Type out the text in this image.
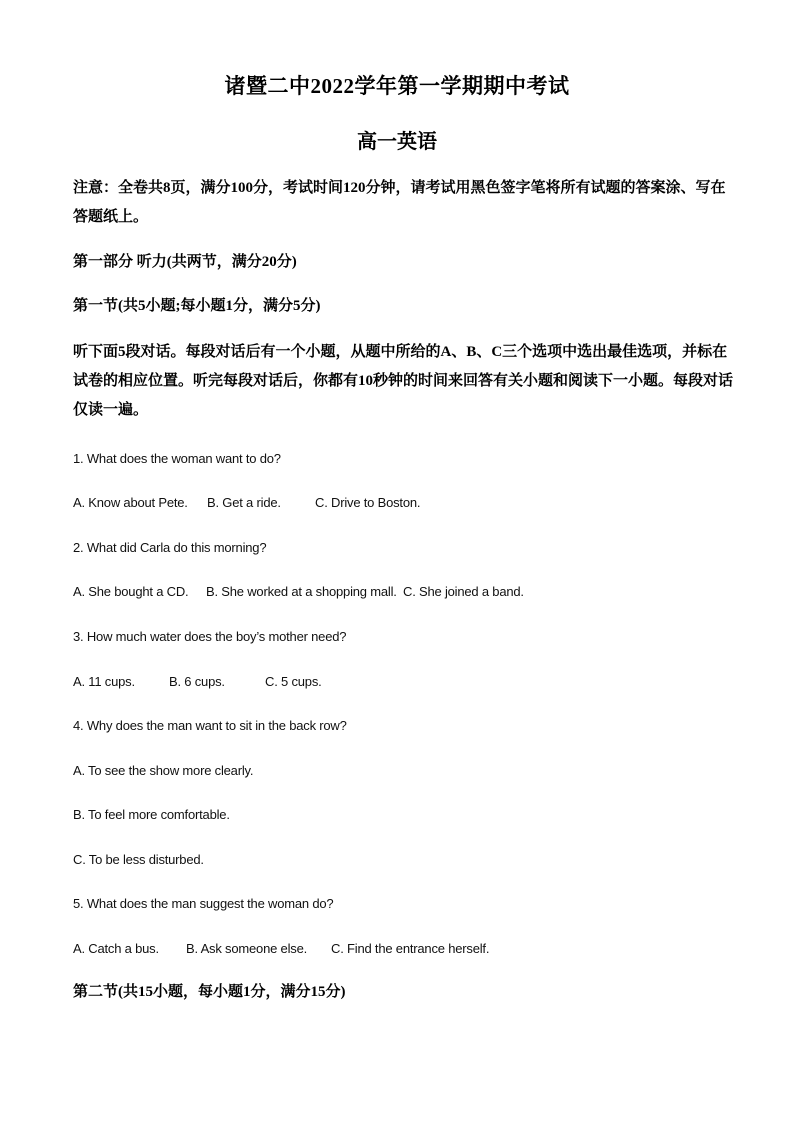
诸暨二中2022学年第一学期期中考试
高一英语
注意：全卷共8页，满分100分，考试时间120分钟，请考试用黑色签字笔将所有试题的答案涂、写在答题纸上。
第一部分 听力(共两节，满分20分)
第一节(共5小题;每小题1分，满分5分)
听下面5段对话。每段对话后有一个小题，从题中所给的A、B、C三个选项中选出最佳选项，并标在试卷的相应位置。听完每段对话后，你都有10秒钟的时间来回答有关小题和阅读下一小题。每段对话仅读一遍。
1. What does the woman want to do?
A. Know about Pete. B. Get a ride.	C. Drive to Boston.
2. What did Carla do this morning?
A. She bought a CD. B. She worked at a shopping mall. C. She joined a band.
3. How much water does the boy’s mother need?
A. 11 cups.	B. 6 cups.	C. 5 cups.
4. Why does the man want to sit in the back row?
A. To see the show more clearly.
B. To feel more comfortable.
C. To be less disturbed.
5. What does the man suggest the woman do?
A. Catch a bus. B. Ask someone else. C. Find the entrance herself.
第二节(共15小题，每小题1分，满分15分)
